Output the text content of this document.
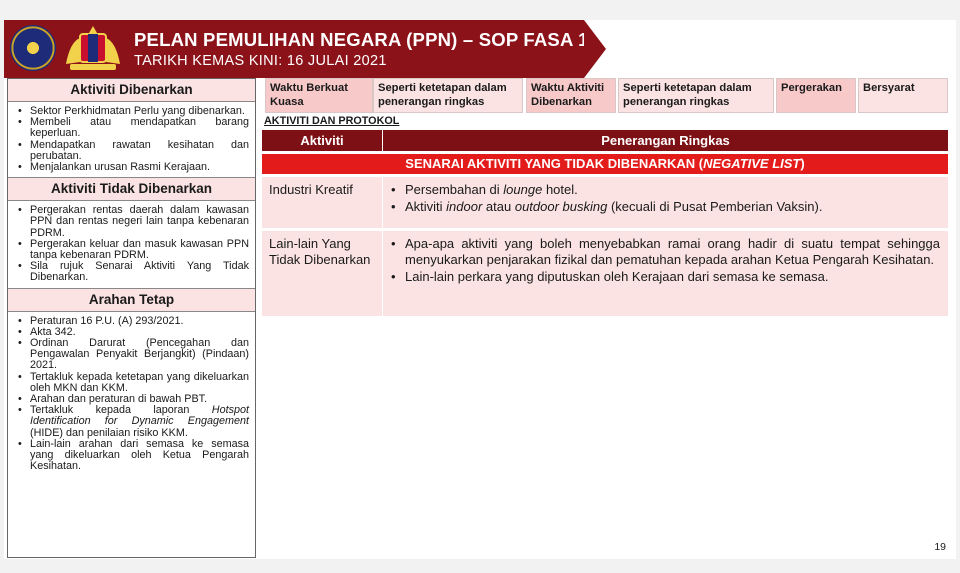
PELAN PEMULIHAN NEGARA (PPN) – SOP FASA 1
TARIKH KEMAS KINI: 16 JULAI 2021
Aktiviti Dibenarkan
• Sektor Perkhidmatan Perlu yang dibenarkan.
• Membeli atau mendapatkan barang keperluan.
• Mendapatkan rawatan kesihatan dan perubatan.
• Menjalankan urusan Rasmi Kerajaan.
Aktiviti Tidak Dibenarkan
• Pergerakan rentas daerah dalam kawasan PPN dan rentas negeri lain tanpa kebenaran PDRM.
• Pergerakan keluar dan masuk kawasan PPN tanpa kebenaran PDRM.
• Sila rujuk Senarai Aktiviti Yang Tidak Dibenarkan.
Arahan Tetap
• Peraturan 16 P.U. (A) 293/2021.
• Akta 342.
• Ordinan Darurat (Pencegahan dan Pengawalan Penyakit Berjangkit) (Pindaan) 2021.
• Tertakluk kepada ketetapan yang dikeluarkan oleh MKN dan KKM.
• Arahan dan peraturan di bawah PBT.
• Tertakluk kepada laporan Hotspot Identification for Dynamic Engagement (HIDE) dan penilaian risiko KKM.
• Lain-lain arahan dari semasa ke semasa yang dikeluarkan oleh Ketua Pengarah Kesihatan.
Waktu Berkuat Kuasa
Seperti ketetapan dalam penerangan ringkas
Waktu Aktiviti Dibenarkan
Seperti ketetapan dalam penerangan ringkas
Pergerakan	Bersyarat
AKTIVITI DAN PROTOKOL
Aktiviti	Penerangan Ringkas
SENARAI AKTIVITI YANG TIDAK DIBENARKAN (NEGATIVE LIST)
Industri Kreatif
•	Persembahan di lounge hotel.
• Aktiviti indoor atau outdoor busking (kecuali di Pusat Pemberian Vaksin).
Lain-lain Yang Tidak Dibenarkan
• Apa-apa aktiviti yang boleh menyebabkan ramai orang hadir di suatu tempat sehingga menyukarkan penjarakan fizikal dan pematuhan kepada arahan Ketua Pengarah Kesihatan.
• Lain-lain perkara yang diputuskan oleh Kerajaan dari semasa ke semasa.
19
